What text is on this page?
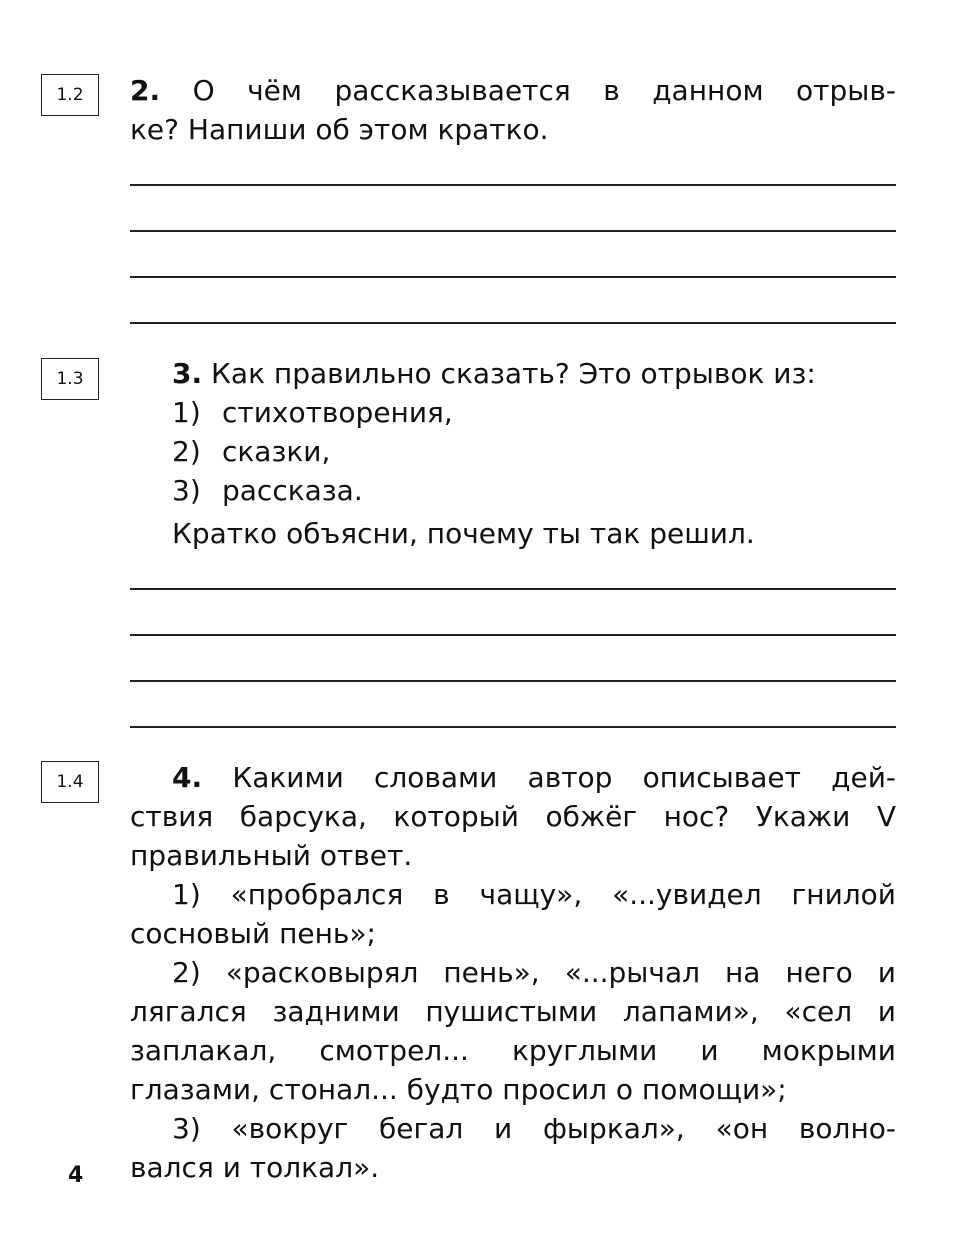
1.2 2. О чём рассказывается в данном отрыв-
ке? Напиши об этом кратко.
1.3	3. Как правильно сказать? Это отрывок из:
1) стихотворения,
2) сказки,
3) рассказа.
Кратко объясни, почему ты так решил.
1.4	4. Какими словами автор описывает дей-
ствия барсука, который обжёг нос? Укажи V
правильный ответ.
1) «пробрался в чащу», «...увидел гнилой
сосновый пень»;
2) «расковырял пень», «...рычал на него и
лягался задними пушистыми лапами», «сел и
заплакал, смотрел... круглыми и мокрыми
глазами, стонал... будто просил о помощи»;
3) «вокруг бегал и фыркал», «он волно-
вался и толкал».
4
